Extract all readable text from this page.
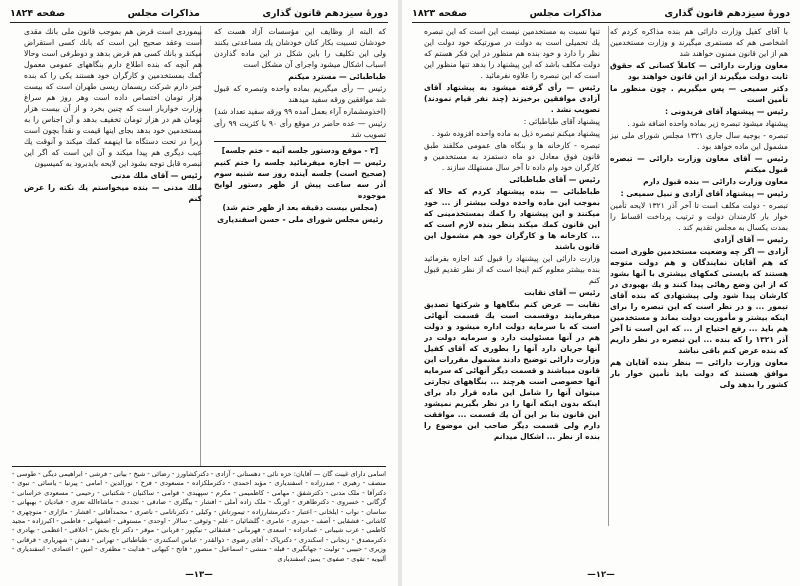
دورهٔ سیزدهم قانون گذاری
مذاکرات مجلس
صفحه ۱۸۲۴

که البته از وظایف این مؤسسات آزاد هست که خودشان تسبیت بکار کنان خودشان یك مساعدتی بکنند ولی این تکلیف را باین شکل در این ماده گذاردن اسباب اشکال میشود واجرای آن مشکل است

طباطبائی — مسترد میکنم

رئیس — رأی میگیریم بماده واحده وتبصره که قبول شد موافقین ورقه سفید میدهند

(اخذومشماره آراء بعمل آمده ۹۹ ورقه سفید تعداد شد)

رئیس — عده حاضر در موقع رأی ۹۰ با کثریت ۹۹ رأی تصویب شد

[۳ - موقع ودستور جلسه آتیه - ختم جلسه]

رئیس — اجازه میفرمائید جلسه را ختم کنیم (صحیح است) جلسه آینده روز سه شنبه سوم آذر سه ساعت پیش از ظهر دستور لوایح موجوده

(مجلس بیست دقیقه بعد از ظهر ختم شد)

رئیس مجلس شورای ملی - حسن اسفندیاری

بیموردی است قرض هم بموجب قانون ملی بانك مقدی است وعقد صحیح این است که بانك کسی استقراض میکند و بانك کسی هم قرض بدهد و دوطرفی است وحالا هم آنچه که بنده اطلاع دارم بنگاههای عمومی معمول کمك بمستخدمین و کارگران خود هستند یکی را که بنده خبر دارم شرکت ریسمان ریسی طهران است که بیست هزار تومان اختصاص داده است وهر روز هم سراغ وزارت خواربار است که چنین بخرد و از آن بیست هزار تومان هم در هزار تومان تخفیف بدهد و آن اجناس را به مستخدمین خود بدهد بجای اینها قیمت و نقداً بچون است زیرا در تحت دستگاه ما اینهمه کمك میکند و آنوقت یك عیب دیگری هم پیدا میکند و آن این است که اگر این تبصره قابل توجه بشود این لایحه بایدبرود به کمیسیون

رئیس — آقای ملك مدنی

ملك مدنی — بنده میخواستم یك نکته را عرض کنم

اسامی دارای غیبت گان — آقایان: حزه نائی - دهستانی - آزادی - دکترکشاورز - رضائی - شیخ - بیانی - فرشی - ابراهیمی دیگی - طوسی - منصف - رهبری - صدرزاده - اسفندیاری - مؤبد احمدی - دکترملکزاده - مسعودی - فرخ - نورالدین - امامی - پیرنیا - یاسائی - نبوی - دکترآقا - ملک مدنی - دکترشفق - مهامی - کاظمیمی - مکرم - سپهبدی - قوامی - ساکنیان - شکتبانی - رحیمی - مسعودی خراسانی - گرگانی - خسروی - دکترطاهری - اورنگ - ملک زاده آملی - افشار - بیگلری - صادقی - تجددی - ماشاءالله تعزی - قبادیان - بهبهانی - ساسان - نواب - ایلخانی - اعتبار - دکترمشارزاده - تیمورتاش - وکیلی - دکترناتامی - ناصری - محمدآقائی - افشار - ماژاری - منوچهری - کاشانی - قشقایی - آصف - حیدری - عامری - گلشائیان - علم - وثوقی - سالار - اوحدی - مستوفی - اصفهانی - فاطمی - اکبرزاده - مجید کاظمی - عرب شیبانی - عمادزاده - اسعدی - قهرمانی - قشقائی - نیکپور - قربانی - موقر - دکتر تاج بخش - اخلاقی - اعظمی - بهادری - دکترمصدق - زنجانی - اسکندری - دکترپاک - آقای رضوی - ذوالقدر - عباس اسکندری - طباطبائی - تهرانی - دهش - شهریاری - قرقانی - وزیری - حبیبی - تولیت - جهانگیری - قبله - منشی - اسماعیل - منصور - فاتح - کیهانی - هدایت - مظفری - امین - اعتمادی - اسفندیاری - آلبویه - تقوی - صفوی - یمین اسفندیاری
—۱۳—
دورهٔ سیزدهم قانون گذاری
مذاکرات مجلس
صفحه ۱۸۲۳

با آقای کفیل وزارت دارائی هم بنده مذاکره کردم که اشخاصی هم که مستمری میگیرند و وزارت مستخدمین هم از این قانون ممنون خواهند شد

معاون وزارت دارائی — کاملاً کسانی که حقوق ثابت دولت میگیرند از این قانون خواهند بود

دکتر سمیعی — پس میگیریم . چون منظور ما تأمین است

رئیس — پیشنهاد آقای فریدونی :

پیشنهاد میشود تبصره زیر بماده واحده اضافه شود .

تبصره - بوجیه سال جاری ۱۳۲۱ مجلس شورای ملی نیز مشمول این ماده خواهد بود .

رئیس — آقای معاون وزارت دارائی — تبصره قبول میکنم

معاون وزارت دارائی — بنده قبول دارم

رئیس — پیشنهاد آقای آزادی و نبیل سمیعی :

تبصره - دولت مکلف است تا آخر آذر ۱۳۲۱ لایحه تأمین خوار بار کارمندان دولت و ترتیب پرداخت اقساط را بمدت یکسال به مجلس تقدیم کند .

رئیس — آقای آزادی

آزادی — اگر چه وضعیت مستخدمین طوری است که هم آقایان نمایندگان و هم دولت متوجه هستند که بایستی کمکهای بیشتری با آنها بشود که از این وضع رهائی پیدا کنند و یك بهبودی در کارشان پیدا شود ولی پیشنهادی که بنده آقای تیمور ... و در نظر است که این تبصره را برای اینکه بیشتر و مأموریت دولت بماند و مستخدمین هم باید ... رفع احتیاج از ... که این است تا آخر آذر ۱۳۲۱ را که بنده ... این تبصره در نظر داریم که بنده عرض کنم باقی نباشد

معاون وزارت دارائی — بنظر بنده آقایان هم موافق هستند که دولت باید تأمین خوار بار کشور را بدهد ولی

تنها نسبت به مستخدمین نیست این است که این تبصره یك تحمیلی است به دولت در صورتیکه خود دولت این نظر را دارد و خود بنده هم منظور در این فکر هستم که دولت مکلف باشد که این پیشنهاد را بدهد تنها منظور این است که این تبصره را علاوه نفرمائید .

رئیس — رأی گرفته میشود به پیشنهاد آقای آزادی موافقین برخیزند (چند نفر قیام نمودند) تصویب نشد .

پیشنهاد آقای طباطبائی :

پیشنهاد میکنم تبصره ذیل به ماده واحده افزوده شود .

تبصره - کارخانه ها و بنگاه های عمومی مکلفند طبق قانون فوق معادل دو ماه دستمزد به مستخدمین و کارگران خود وام داده تا آخر سال مستهلك سازند .

رئیس — آقای طباطبائی

طباطبائی — بنده پیشنهاد کردم که حالا که بموجب این ماده واحده دولت بیشتر از ... خود میکنند و این پیشنهاد را کمك بمستخدمینی که این قانون کمك میکند بنظر بنده لازم است که ... کارخانه ها و کارگران خود هم مشمول این قانون باشند

وزارت دارائی این پیشنهاد را قبول کند اجازه بفرمائید بنده بیشتر معلوم کنم اینجا است که از نظر تقدیم قبول کنم

رئیس — آقای نقابت

نقابت — عرض کنم بنگاهها و شرکتها تصدیق میفرمایند دوقسمت است یك قسمت آنهائی است که با سرمایه دولت اداره میشود و دولت هم در آنها مسئولیت دارد و سرمایه دولت در آنها جریان دارد آنها را بطوری که آقای کفیل وزارت دارائی توضیح دادند مشمول مقررات این قانون میباشند و قسمت دیگر آنهائی که سرمایه آنها خصوصی است هرچند ... بنگاههای تجارتی میتوان آنها را شامل این ماده قرار داد برای اینکه بدون اینکه آنها را در نظر بگیریم نمیشود این قانون بنا بر این آن یك قسمت ... موافقت دارم ولی قسمت دیگر صاحب این موضوع را بنده از نظر ... اشکال میدانم

—۱۲—
